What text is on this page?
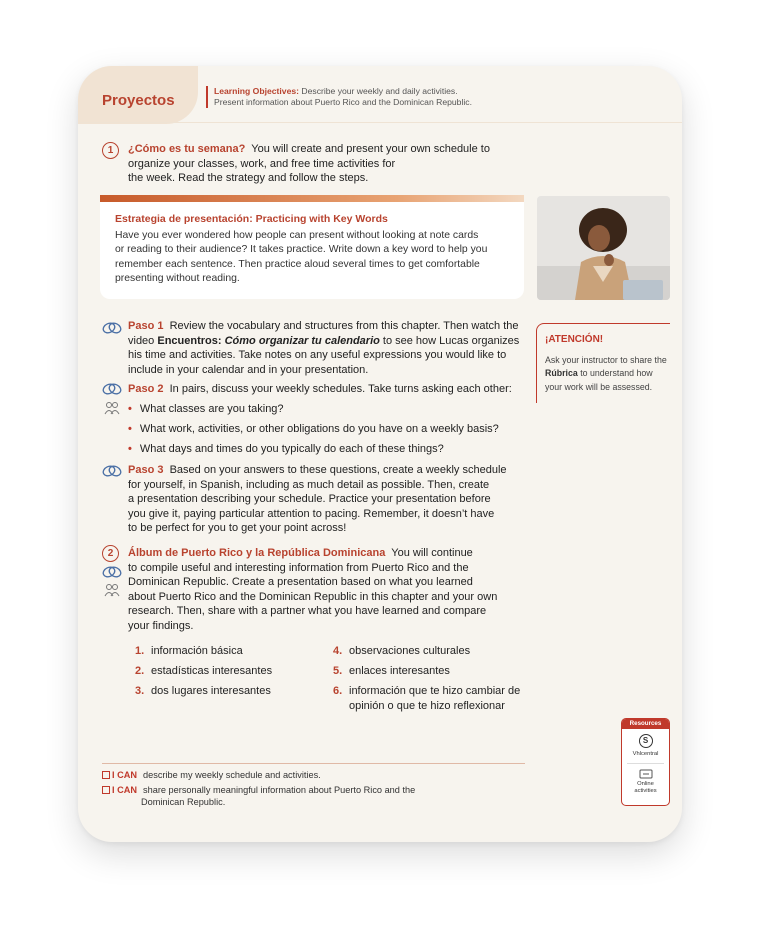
Proyectos
Learning Objectives: Describe your weekly and daily activities.
Present information about Puerto Rico and the Dominican Republic.
1	¿Cómo es tu semana? You will create and present your own schedule to
organize your classes, work, and free time activities for
the week. Read the strategy and follow the steps.
Estrategia de presentación: Practicing with Key Words
Have you ever wondered how people can present without looking at note cards
or reading to their audience? It takes practice. Write down a key word to help you
remember each sentence. Then practice aloud several times to get comfortable
presenting without reading.
¡ATENCIÓN!
Ask your instructor to share the
Rúbrica to understand how
your work will be assessed.
Paso 1 Review the vocabulary and structures from this chapter. Then watch the
video Encuentros: Cómo organizar tu calendario to see how Lucas organizes
his time and activities. Take notes on any useful expressions you would like to
include in your calendar and in your presentation.
Paso 2 In pairs, discuss your weekly schedules. Take turns asking each other:
• What classes are you taking?
• What work, activities, or other obligations do you have on a weekly basis?
• What days and times do you typically do each of these things?
Paso 3 Based on your answers to these questions, create a weekly schedule
for yourself, in Spanish, including as much detail as possible. Then, create
a presentation describing your schedule. Practice your presentation before
you give it, paying particular attention to pacing. Remember, it doesn’t have
to be perfect for you to get your point across!
2	Álbum de Puerto Rico y la República Dominicana You will continue
to compile useful and interesting information from Puerto Rico and the
Dominican Republic. Create a presentation based on what you learned
about Puerto Rico and the Dominican Republic in this chapter and your own
research. Then, share with a partner what you have learned and compare
your findings.
1. información básica
2. estadísticas interesantes
3. dos lugares interesantes
4. observaciones culturales
5. enlaces interesantes
6. información que te hizo cambiar de
opinión o que te hizo reflexionar
I CAN describe my weekly schedule and activities.
I CAN share personally meaningful information about Puerto Rico and the
Dominican Republic.
Resources
S
Vhlcentral
Online
activities
